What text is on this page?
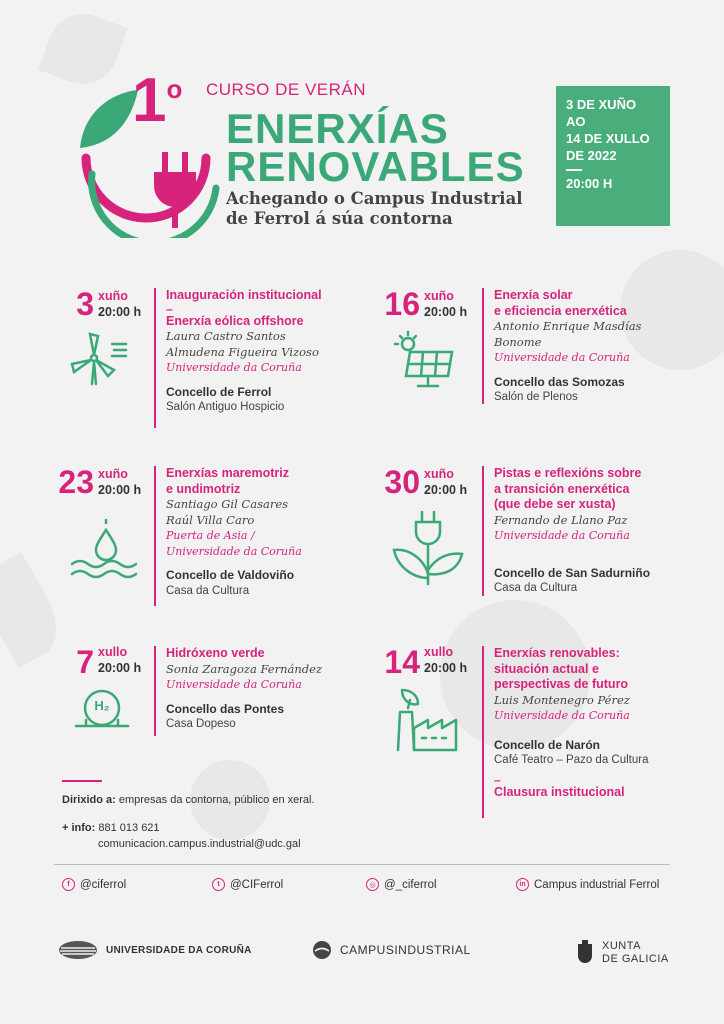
1$^o$ CURSO DE VERÁN
ENERXÍAS
RENOVABLES
Achegando o Campus Industrial
de Ferrol á súa contorna
3 DE XUÑO
AO
14 DE XULLO
DE 2022
20:00 H
3 xuño
20:00 h
Inauguración institucional
–
Enerxía eólica offshore
Laura Castro Santos
Almudena Figueira Vizoso
Universidade da Coruña
Concello de Ferrol
Salón Antiguo Hospicio
16 xuño
20:00 h
Enerxía solar
e eficiencia enerxética
Antonio Enrique Masdías
Bonome
Universidade da Coruña
Concello das Somozas
Salón de Plenos
23 xuño
20:00 h
Enerxías maremotriz
e undimotriz
Santiago Gil Casares
Raúl Villa Caro
Puerta de Asia /
Universidade da Coruña
Concello de Valdoviño
Casa da Cultura
30 xuño
20:00 h
Pistas e reflexións sobre
a transición enerxética
(que debe ser xusta)
Fernando de Llano Paz
Universidade da Coruña
Concello de San Sadurniño
Casa da Cultura
7 xullo
20:00 h
H₂
Hidróxeno verde
Sonia Zaragoza Fernández
Universidade da Coruña
Concello das Pontes
Casa Dopeso
14 xullo
20:00 h
Enerxías renovables:
situación actual e
perspectivas de futuro
Luis Montenegro Pérez
Universidade da Coruña
Concello de Narón
Café Teatro – Pazo da Cultura
–
Clausura institucional
Dirixido a: empresas da contorna, público en xeral.
+ info: 881 013 621
comunicacion.campus.industrial@udc.gal
f @ciferrol	t @CIFerrol	◎ @_ciferrol	in Campus industrial Ferrol
UNIVERSIDADE DA CORUÑA	CAMPUSINDUSTRIAL	XUNTA
DE GALICIA
